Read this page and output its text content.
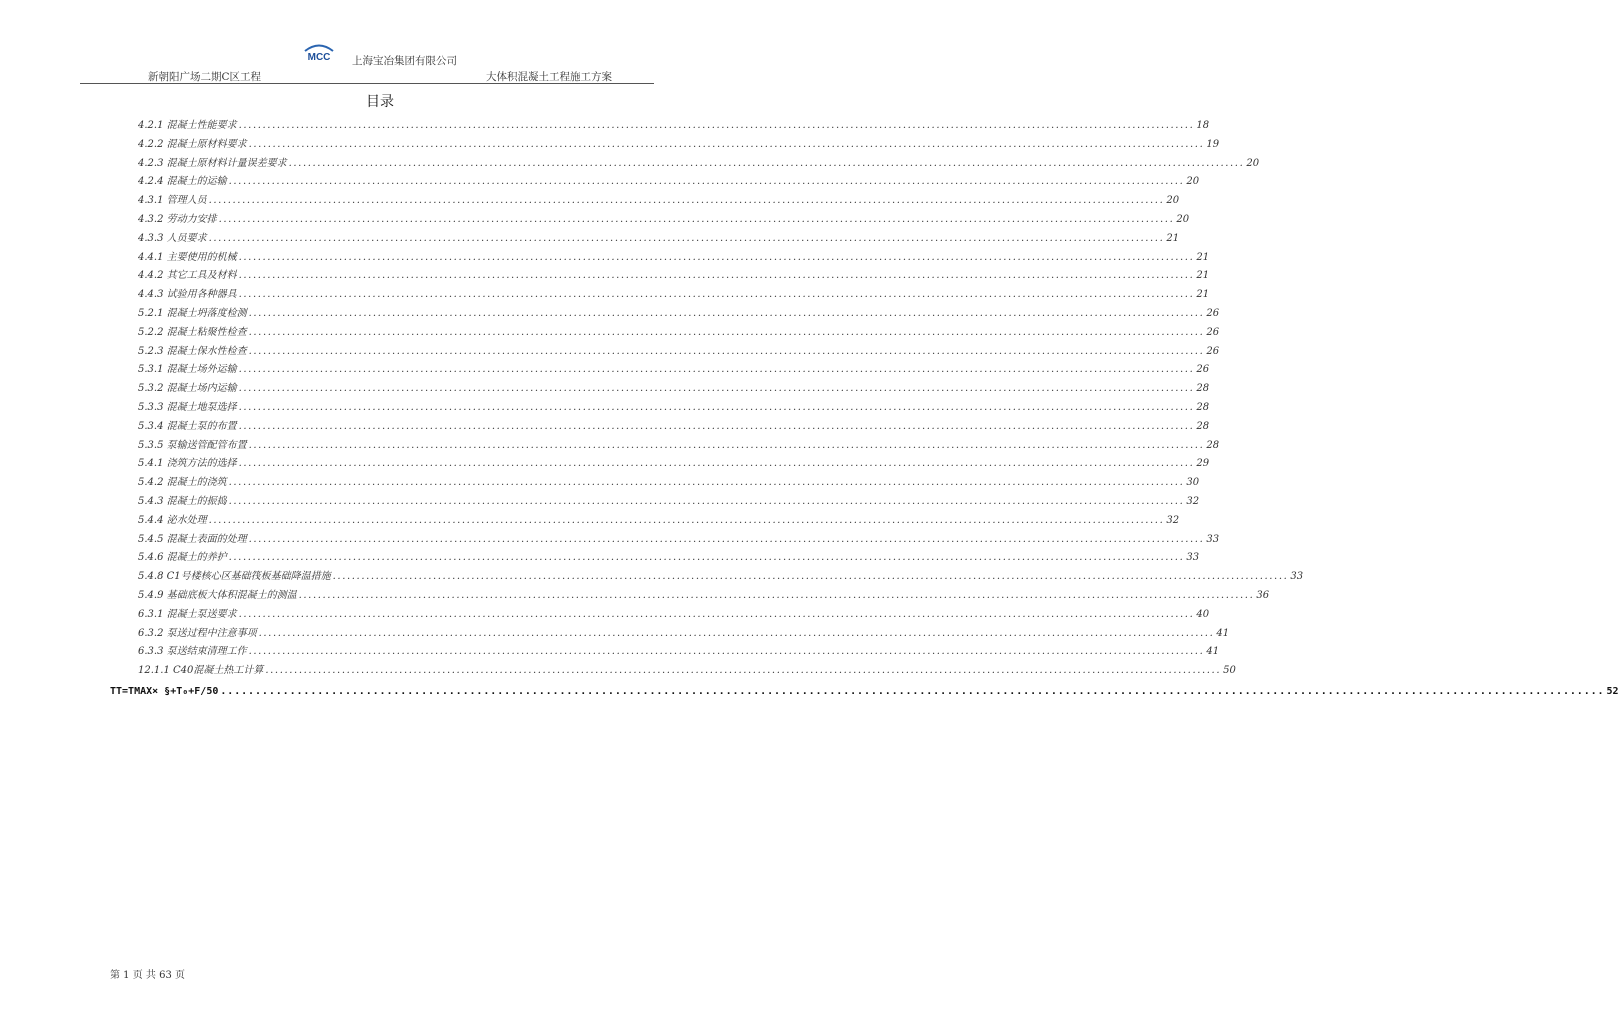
MCC 上海宝冶集团有限公司
新朝阳广场二期C区工程	大体积混凝土工程施工方案
目录
4.2.1 混凝土性能要求 ........................................................................................................................................................................................................ 18
4.2.2 混凝土原材料要求 ........................................................................................................................................................................................................ 19
4.2.3 混凝土原材料计量误差要求 ........................................................................................................................................................................................................ 20
4.2.4 混凝土的运输 ........................................................................................................................................................................................................ 20
4.3.1 管理人员 ........................................................................................................................................................................................................ 20
4.3.2 劳动力安排 ........................................................................................................................................................................................................ 20
4.3.3 人员要求 ........................................................................................................................................................................................................ 21
4.4.1 主要使用的机械 ........................................................................................................................................................................................................ 21
4.4.2 其它工具及材料 ........................................................................................................................................................................................................ 21
4.4.3 试验用各种器具 ........................................................................................................................................................................................................ 21
5.2.1 混凝土坍落度检测 ........................................................................................................................................................................................................ 26
5.2.2 混凝土粘聚性检查 ........................................................................................................................................................................................................ 26
5.2.3 混凝土保水性检查 ........................................................................................................................................................................................................ 26
5.3.1 混凝土场外运输 ........................................................................................................................................................................................................ 26
5.3.2 混凝土场内运输 ........................................................................................................................................................................................................ 28
5.3.3 混凝土地泵选择 ........................................................................................................................................................................................................ 28
5.3.4 混凝土泵的布置 ........................................................................................................................................................................................................ 28
5.3.5 泵输送管配管布置 ........................................................................................................................................................................................................ 28
5.4.1 浇筑方法的选择 ........................................................................................................................................................................................................ 29
5.4.2 混凝土的浇筑 ........................................................................................................................................................................................................ 30
5.4.3 混凝土的振捣 ........................................................................................................................................................................................................ 32
5.4.4 泌水处理 ........................................................................................................................................................................................................ 32
5.4.5 混凝土表面的处理 ........................................................................................................................................................................................................ 33
5.4.6 混凝土的养护 ........................................................................................................................................................................................................ 33
5.4.8 C1号楼核心区基础筏板基础降温措施 ........................................................................................................................................................................................................ 33
5.4.9 基础底板大体积混凝土的测温 ........................................................................................................................................................................................................ 36
6.3.1 混凝土泵送要求 ........................................................................................................................................................................................................ 40
6.3.2 泵送过程中注意事项 ........................................................................................................................................................................................................ 41
6.3.3 泵送结束清理工作 ........................................................................................................................................................................................................ 41
12.1.1 C40混凝土热工计算 ........................................................................................................................................................................................................ 50
TT=TMAX× §+T₀+F/50 ........................................................................................................................................................................................................ 52
第 1 页 共 63 页
